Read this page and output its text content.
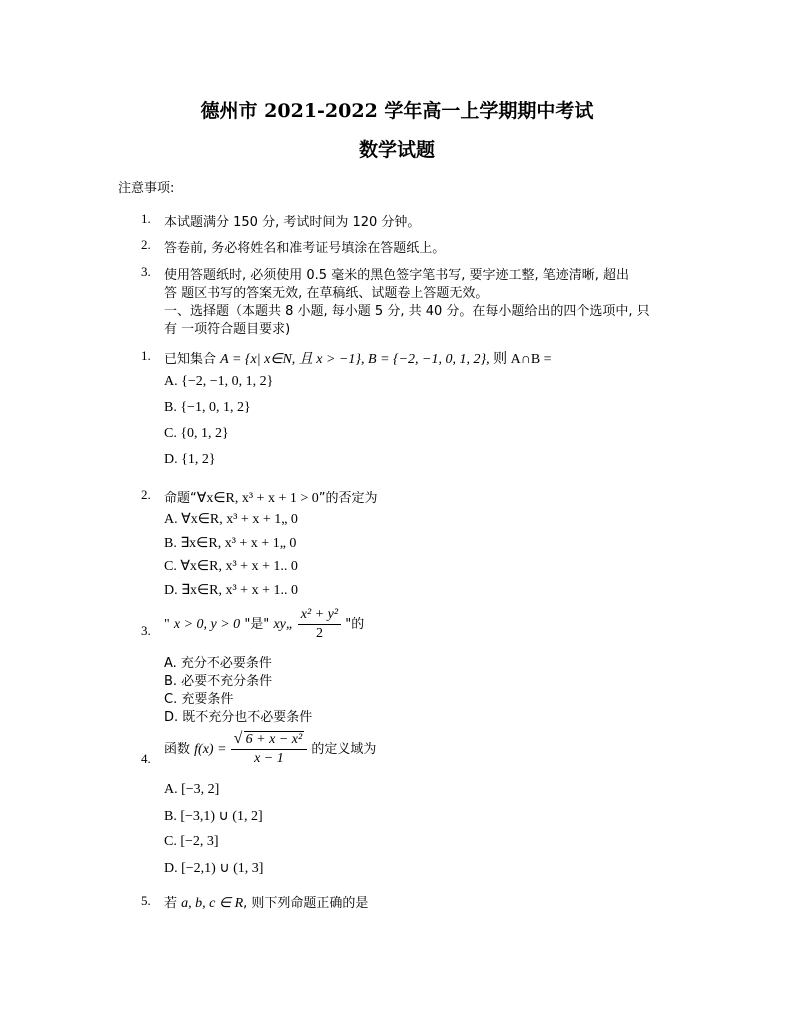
德州市 2021-2022 学年高一上学期期中考试
数学试题
注意事项:
1. 本试题满分 150 分, 考试时间为 120 分钟。
2. 答卷前, 务必将姓名和准考证号填涂在答题纸上。
3. 使用答题纸时, 必须使用 0.5 毫米的黑色签字笔书写, 要字迹工整, 笔迹清晰, 超出
答 题区书写的答案无效, 在草稿纸、试题卷上答题无效。
一、选择题（本题共 8 小题, 每小题 5 分, 共 40 分。在每小题给出的四个选项中, 只
有 一项符合题目要求)
1. 已知集合 A = {x| x∈N, 且 x > −1}, B = {−2, −1, 0, 1, 2}, 则 A∩B =
A. {−2, −1, 0, 1, 2}
B. {−1, 0, 1, 2}
C. {0, 1, 2}
D. {1, 2}
2. 命题“∀x∈R, x³ + x + 1 > 0”的否定为
A. ∀x∈R, x³ + x + 1„ 0
B. ∃x∈R, x³ + x + 1„ 0
C. ∀x∈R, x³ + x + 1.. 0
D. ∃x∈R, x³ + x + 1.. 0
3. " x > 0, y > 0 "是" xy„ $\frac{\text{x² + y²}}{2}$ "的
A. 充分不必要条件
B. 必要不充分条件
C. 充要条件
D. 既不充分也不必要条件
4.
函数 $f(x) = \frac{\text{√ 6 + x − x²}}{x - 1}$ 的定义域为
A. [−3, 2]
B. [−3,1) ∪ (1, 2]
C. [−2, 3]
D. [−2,1) ∪ (1, 3]
5. 若 a, b, c ∈ R, 则下列命题正确的是
